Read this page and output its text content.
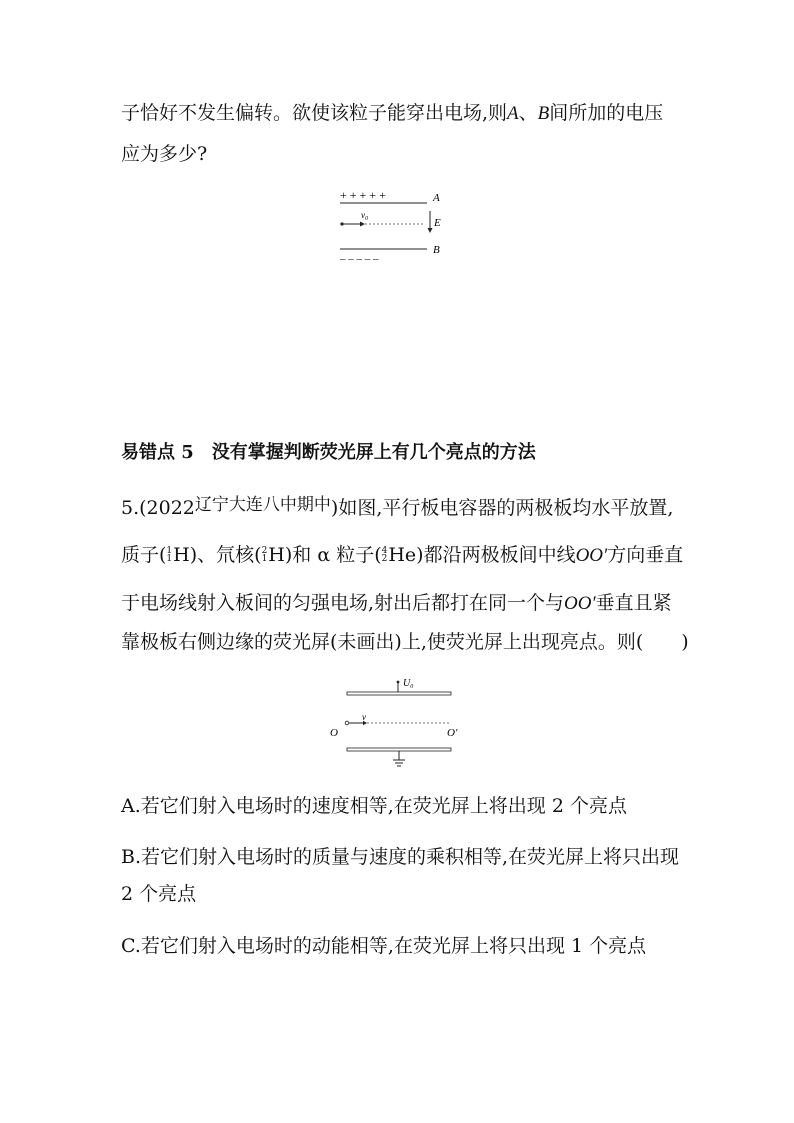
子恰好不发生偏转。欲使该粒子能穿出电场,则A、B间所加的电压
应为多少?
+ + + + +	A
$v_0$	E
B
– – – – –
易错点 5　没有掌握判断荧光屏上有几个亮点的方法
5.(2022辽宁大连八中期中)如图,平行板电容器的两极板均水平放置,
质子( 1
1 H)、氘核( 2
1 H)和 α 粒子( 4
2 He)都沿两极板间中线OO′方向垂直
于电场线射入板间的匀强电场,射出后都打在同一个与OO′垂直且紧
靠极板右侧边缘的荧光屏(未画出)上,使荧光屏上出现亮点。则(　　)
$U_0$
v
O	O′
A.若它们射入电场时的速度相等,在荧光屏上将出现 2 个亮点
B.若它们射入电场时的质量与速度的乘积相等,在荧光屏上将只出现
2 个亮点
C.若它们射入电场时的动能相等,在荧光屏上将只出现 1 个亮点
